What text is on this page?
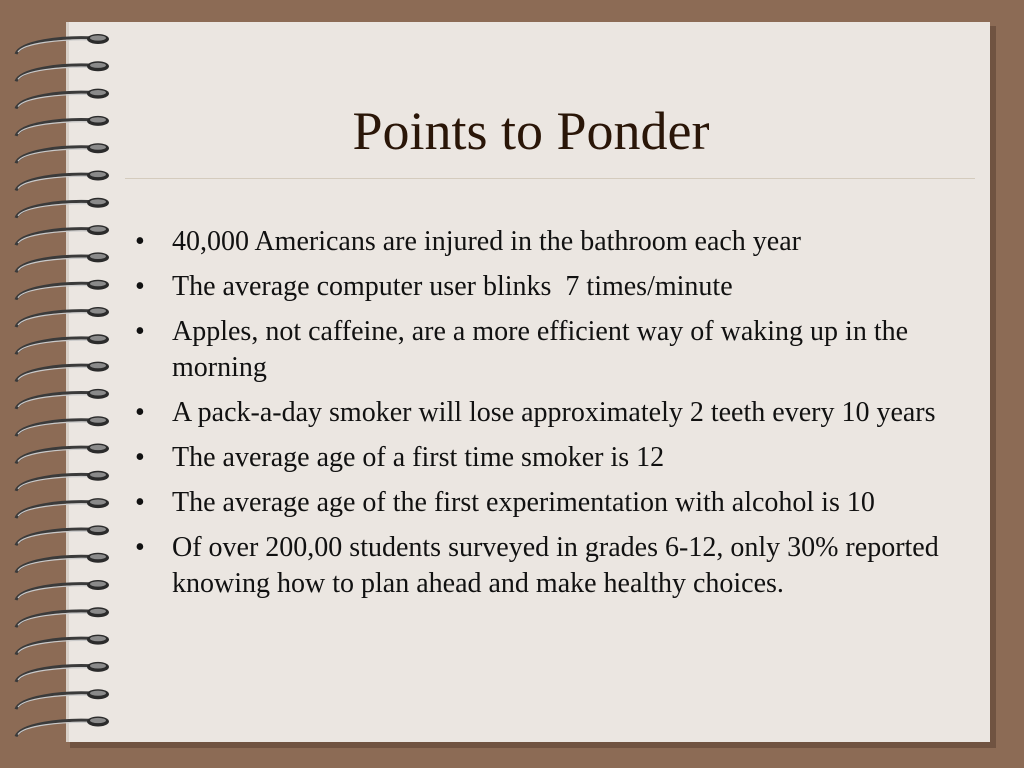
Points to Ponder
• 40,000 Americans are injured in the bathroom each year
• The average computer user blinks  7 times/minute
• Apples, not caffeine, are a more efficient way of waking up in the morning
• A pack-a-day smoker will lose approximately 2 teeth every 10 years
• The average age of a first time smoker is 12
• The average age of the first experimentation with alcohol is 10
• Of over 200,00 students surveyed in grades 6-12, only 30% reported knowing how to plan ahead and make healthy choices.
